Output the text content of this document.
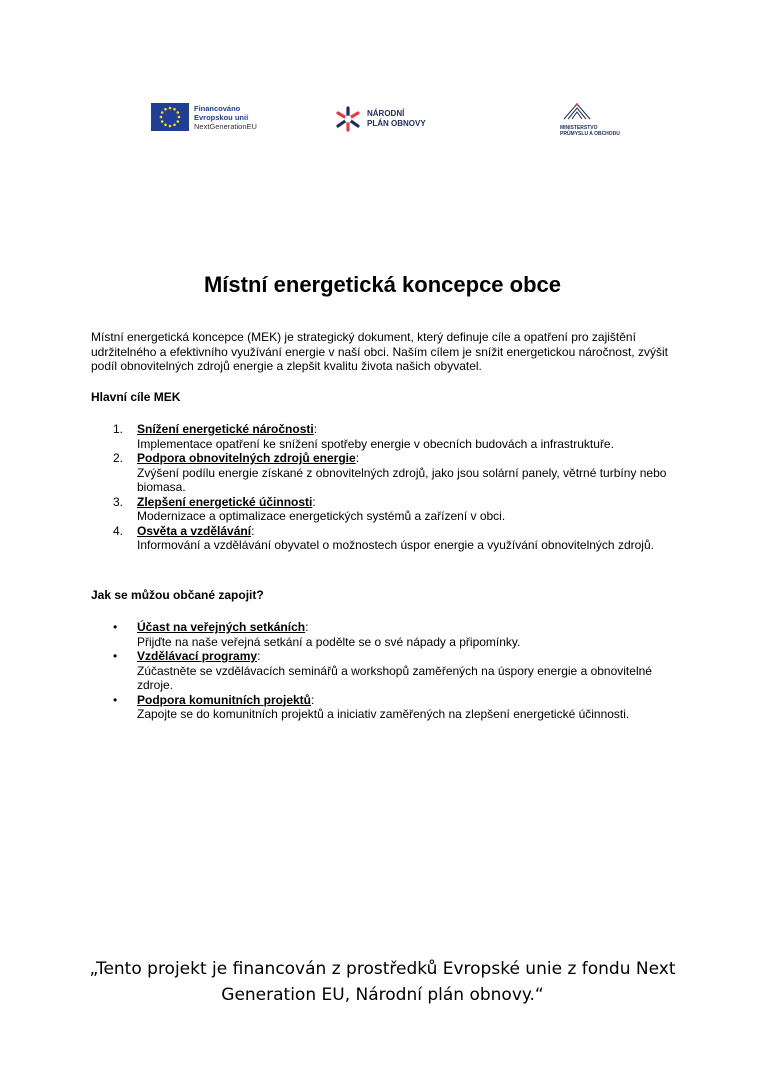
Financováno
Evropskou unií
NextGenerationEU
NÁRODNÍ
PLÁN OBNOVY	MINISTERSTVO
PRŮMYSLU A OBCHODU
Místní energetická koncepce obce

Místní energetická koncepce (MEK) je strategický dokument, který definuje cíle a opatření pro zajištění udržitelného a efektivního využívání energie v naší obci. Naším cílem je snížit energetickou náročnost, zvýšit podíl obnovitelných zdrojů energie a zlepšit kvalitu života našich obyvatel.

Hlavní cíle MEK

1. Snížení energetické náročnosti:
Implementace opatření ke snížení spotřeby energie v obecních budovách a infrastruktuře.
2. Podpora obnovitelných zdrojů energie:
Zvýšení podílu energie získané z obnovitelných zdrojů, jako jsou solární panely, větrné turbíny nebo biomasa.
3. Zlepšení energetické účinnosti:
Modernizace a optimalizace energetických systémů a zařízení v obci.
4. Osvěta a vzdělávání:
Informování a vzdělávání obyvatel o možnostech úspor energie a využívání obnovitelných zdrojů.

Jak se můžou občané zapojit?

• Účast na veřejných setkáních:
Přijďte na naše veřejná setkání a podělte se o své nápady a připomínky.
• Vzdělávací programy:
Zúčastněte se vzdělávacích seminářů a workshopů zaměřených na úspory energie a obnovitelné zdroje.
• Podpora komunitních projektů:
Zapojte se do komunitních projektů a iniciativ zaměřených na zlepšení energetické účinnosti.

„Tento projekt je financován z prostředků Evropské unie z fondu Next Generation EU, Národní plán obnovy.“
